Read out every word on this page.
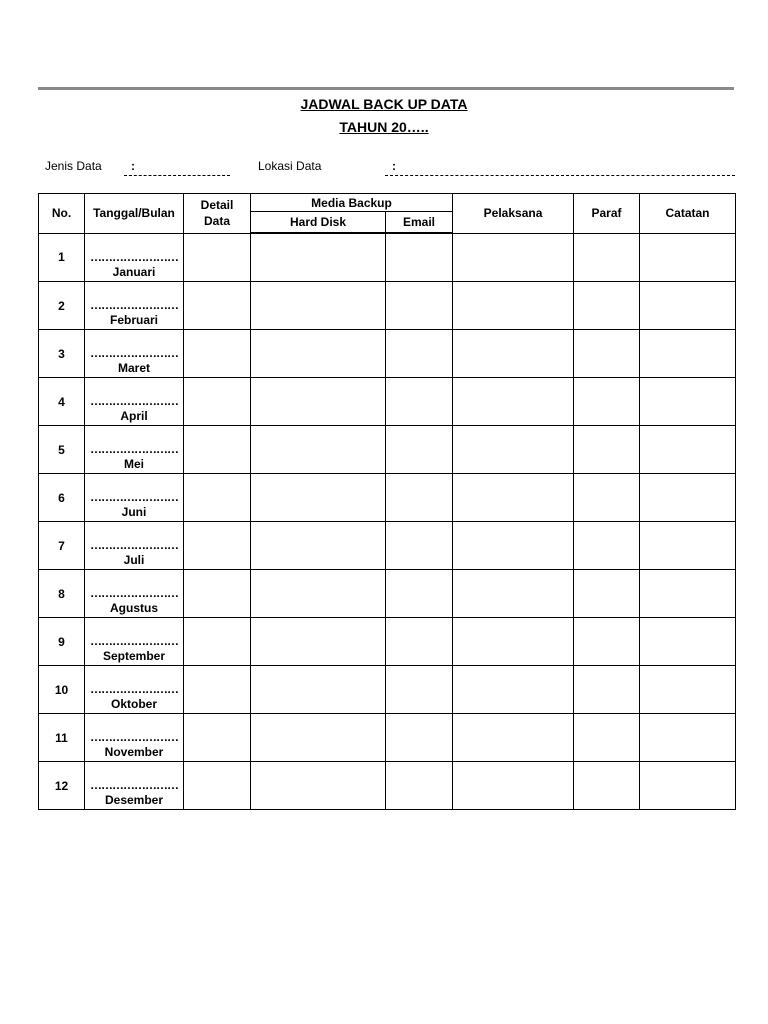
JADWAL BACK UP DATA
TAHUN 20…..
Jenis Data :	Lokasi Data	:
No.	Tanggal/Bulan	Detail Data	Media Backup		Pelaksana	Paraf	Catatan
			Hard Disk	Email			
1	……………………
Januari						

2	……………………
Februari						

3	……………………
Maret						

4	……………………
April						

5	……………………
Mei						

6	……………………
Juni						

7	……………………
Juli						

8	……………………
Agustus						

9	……………………
September						

10	……………………
Oktober						

11	……………………
November						

12	……………………
Desember						
